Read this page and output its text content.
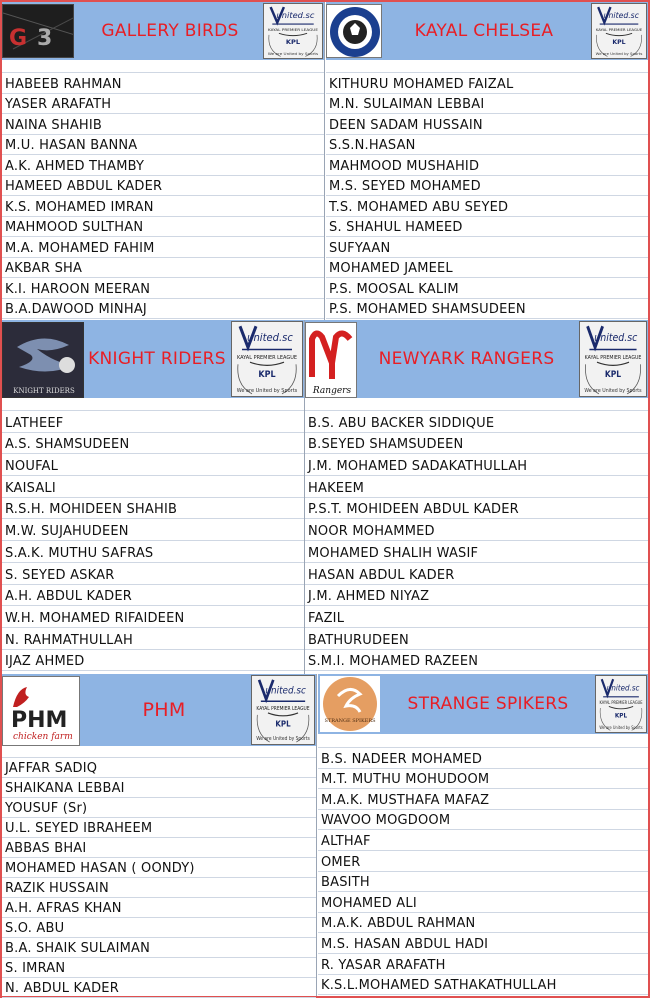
G 3	GALLERY BIRDS
united.sc
KAYAL PREMIER LEAGUE
KPL
We are United by Sports
HABEEB RAHMAN
YASER ARAFATH
NAINA SHAHIB
M.U. HASAN BANNA
A.K. AHMED THAMBY
HAMEED ABDUL KADER
K.S. MOHAMED IMRAN
MAHMOOD SULTHAN
M.A. MOHAMED FAHIM
AKBAR SHA
K.I. HAROON MEERAN
B.A.DAWOOD MINHAJ
KAYAL CHELSEA
united.sc
KAYAL PREMIER LEAGUE
KPL
We are United by Sports
KITHURU MOHAMED FAIZAL
M.N. SULAIMAN LEBBAI
DEEN SADAM HUSSAIN
S.S.N.HASAN
MAHMOOD MUSHAHID
M.S. SEYED MOHAMED
T.S. MOHAMED ABU SEYED
S. SHAHUL HAMEED
SUFYAAN
MOHAMED JAMEEL
P.S. MOOSAL KALIM
P.S. MOHAMED SHAMSUDEEN
KNIGHT RIDERS
KNIGHT RIDERS
united.sc
KAYAL PREMIER LEAGUE
KPL
We are United by Sports
LATHEEF
A.S. SHAMSUDEEN
NOUFAL
KAISALI
R.S.H. MOHIDEEN SHAHIB
M.W. SUJAHUDEEN
S.A.K. MUTHU SAFRAS
S. SEYED ASKAR
A.H. ABDUL KADER
W.H. MOHAMED RIFAIDEEN
N. RAHMATHULLAH
IJAZ AHMED
Rangers
NEWYARK RANGERS
united.sc
KAYAL PREMIER LEAGUE
KPL
We are United by Sports
B.S. ABU BACKER SIDDIQUE
B.SEYED SHAMSUDEEN
J.M. MOHAMED SADAKATHULLAH
HAKEEM
P.S.T. MOHIDEEN ABDUL KADER
NOOR MOHAMMED
MOHAMED SHALIH WASIF
HASAN ABDUL KADER
J.M. AHMED NIYAZ
FAZIL
BATHURUDEEN
S.M.I. MOHAMED RAZEEN
PHM
chicken farm
PHM
united.sc
KAYAL PREMIER LEAGUE
KPL
We are United by Sports
JAFFAR SADIQ
SHAIKANA LEBBAI
YOUSUF (Sr)
U.L. SEYED IBRAHEEM
ABBAS BHAI
MOHAMED HASAN ( OONDY)
RAZIK HUSSAIN
A.H. AFRAS KHAN
S.O. ABU
B.A. SHAIK SULAIMAN
S. IMRAN
N. ABDUL KADER
STRANGE SPIKERS
STRANGE SPIKERS
united.sc
KAYAL PREMIER LEAGUE
KPL
We are United by Sports
B.S. NADEER MOHAMED
M.T. MUTHU MOHUDOOM
M.A.K. MUSTHAFA MAFAZ
WAVOO MOGDOOM
ALTHAF
OMER
BASITH
MOHAMED ALI
M.A.K. ABDUL RAHMAN
M.S. HASAN ABDUL HADI
R. YASAR ARAFATH
K.S.L.MOHAMED SATHAKATHULLAH
